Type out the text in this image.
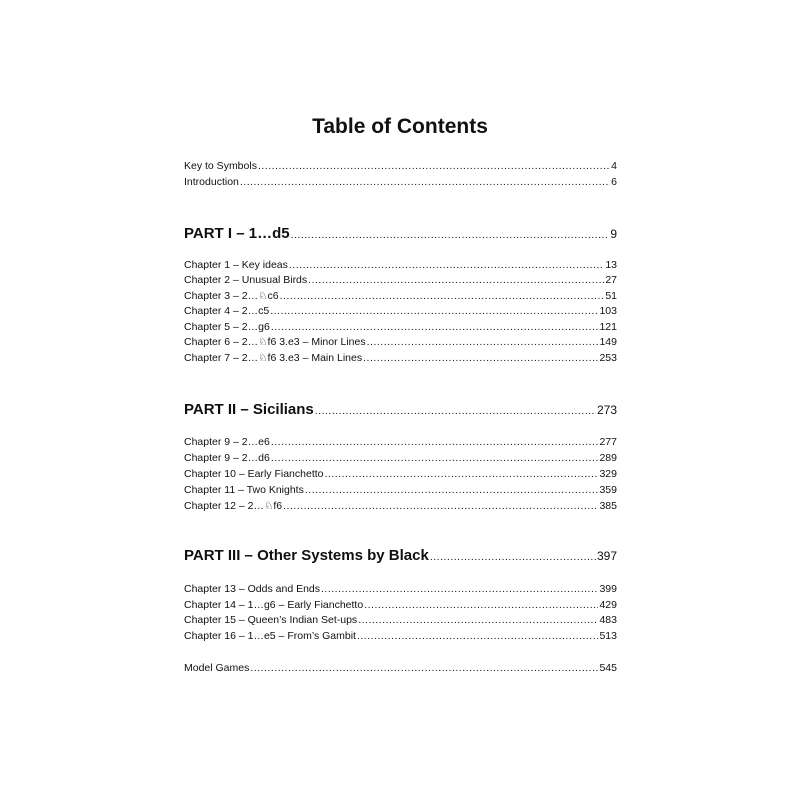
Table of Contents
Key to Symbols .....	4
Introduction .....	6
PART I – 1…d5 .....	9
Chapter 1 – Key ideas .....	13
Chapter 2 – Unusual Birds .....	27
Chapter 3 – 2…♘c6 .....	51
Chapter 4 – 2…c5 .....	103
Chapter 5 – 2…g6 .....	121
Chapter 6 – 2…♘f6 3.e3 – Minor Lines .....	149
Chapter 7 – 2…♘f6 3.e3 – Main Lines .....	253
PART II – Sicilians .....	273
Chapter 9 – 2…e6 .....	277
Chapter 9 – 2…d6 .....	289
Chapter 10 – Early Fianchetto .....	329
Chapter 11 – Two Knights .....	359
Chapter 12 – 2…♘f6 .....	385
PART III – Other Systems by Black .....	397
Chapter 13 – Odds and Ends .....	399
Chapter 14 – 1…g6 – Early Fianchetto .....	429
Chapter 15 – Queen’s Indian Set-ups .....	483
Chapter 16 – 1…e5 – From’s Gambit .....	513
Model Games .....	545
